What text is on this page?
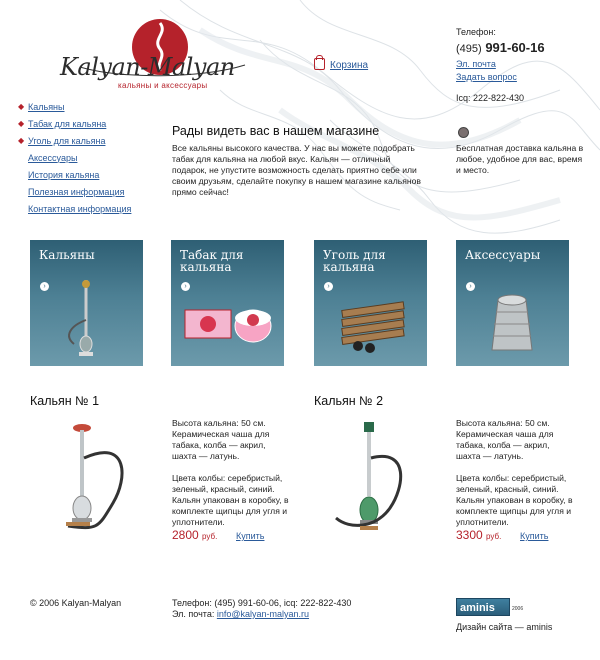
Kalyan-Malyan
кальяны и аксессуары
Корзина
Телефон:
(495) 991-60-16
Эл. почта
Задать вопрос
Icq: 222-822-430
◆ Кальяны
◆ Табак для кальяна
◆ Уголь для кальяна
Аксессуары
История кальяна
Полезная информация
Контактная информация
Рады видеть вас в нашем магазине
Все кальяны высокого качества. У нас вы можете подобрать табак для кальяна на любой вкус. Кальян — отличный подарок, не упустите возможность сделать приятно себе или своим друзьям, сделайте покупку в нашем магазине кальянов прямо сейчас!
Бесплатная доставка кальяна в любое, удобное для вас, время и место.
Кальяны

›
Табак для
кальяна
›
Уголь для
кальяна
›
Аксессуары

›
Кальян № 1
Высота кальяна: 50 см. Керамическая чаша для табака, колба — акрил, шахта — латунь.
Цвета колбы: серебристый, зеленый, красный, синий. Кальян упакован в коробку, в комплекте щипцы для угля и уплотнители.
2800 руб. Купить
Кальян № 2
Высота кальяна: 50 см. Керамическая чаша для табака, колба — акрил, шахта — латунь.
Цвета колбы: серебристый, зеленый, красный, синий. Кальян упакован в коробку, в комплекте щипцы для угля и уплотнители.
3300 руб. Купить
© 2006 Kalyan-Malyan	Телефон: (495) 991-60-06, icq: 222-822-430
Эл. почта: info@kalyan-malyan.ru	aminis	2006
Дизайн сайта — aminis
